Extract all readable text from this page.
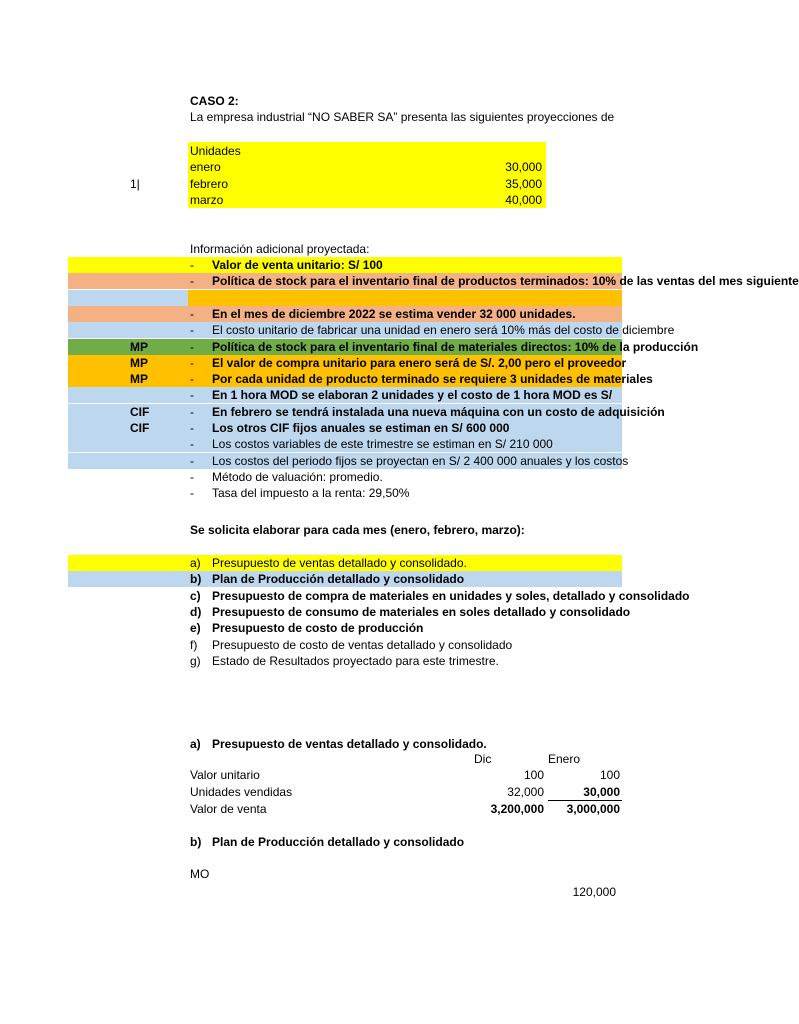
CASO 2:
La empresa industrial “NO SABER SA” presenta las siguientes proyecciones de
Unidades
enero	30,000
1|	febrero	35,000
marzo	40,000
Información adicional proyectada:
- Valor de venta unitario: S/ 100
- Política de stock para el inventario final de productos terminados: 10% de las ventas del mes siguiente
- En el mes de diciembre 2022 se estima vender 32 000 unidades.
- El costo unitario de fabricar una unidad en enero será 10% más del costo de diciembre
MP	- Política de stock para el inventario final de materiales directos: 10% de la producción
MP	- El valor de compra unitario para enero será de S/. 2,00 pero el proveedor
MP	- Por cada unidad de producto terminado se requiere 3 unidades de materiales
- En 1 hora MOD se elaboran 2 unidades y el costo de 1 hora MOD es S/
CIF	- En febrero se tendrá instalada una nueva máquina con un costo de adquisición
CIF	- Los otros CIF fijos anuales se estiman en S/ 600 000
- Los costos variables de este trimestre se estiman en S/ 210 000
- Los costos del periodo fijos se proyectan en S/ 2 400 000 anuales y los costos
- Método de valuación: promedio.
- Tasa del impuesto a la renta: 29,50%
Se solicita elaborar para cada mes (enero, febrero, marzo):
a) Presupuesto de ventas detallado y consolidado.
b) Plan de Producción detallado y consolidado
c) Presupuesto de compra de materiales en unidades y soles, detallado y consolidado
d) Presupuesto de consumo de materiales en soles detallado y consolidado
e) Presupuesto de costo de producción
f) Presupuesto de costo de ventas detallado y consolidado
g) Estado de Resultados proyectado para este trimestre.
a) Presupuesto de ventas detallado y consolidado.
Dic	Enero
Valor unitario	100	100
Unidades vendidas	32,000	30,000
Valor de venta	3,200,000	3,000,000
b) Plan de Producción detallado y consolidado
MO
120,000
